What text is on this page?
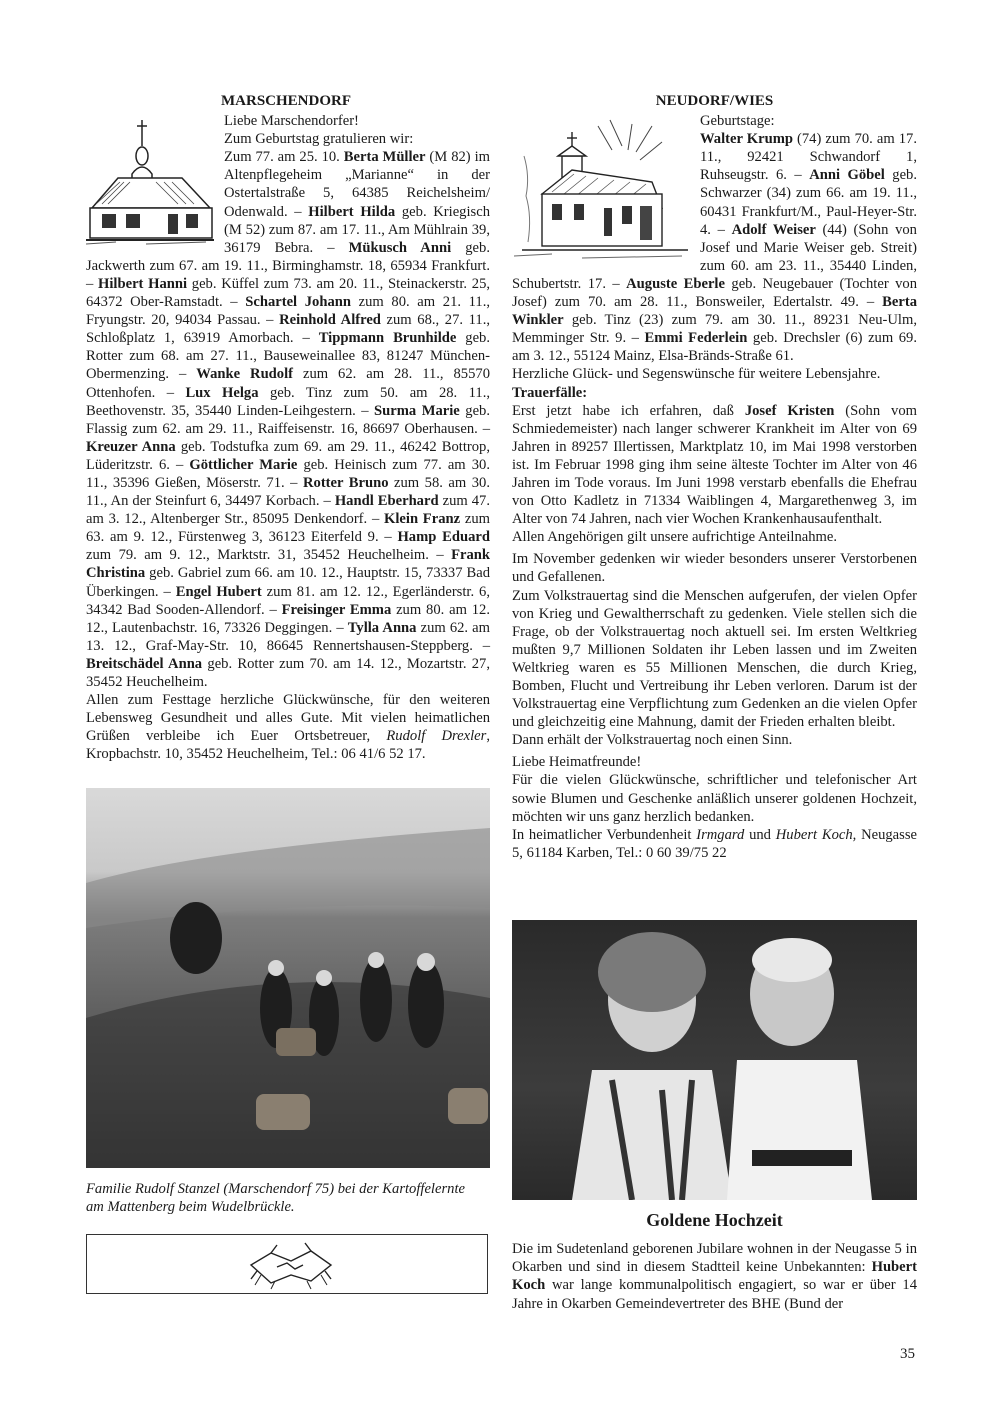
MARSCHENDORF

Liebe Marschendorfer!

Zum Geburtstag gratulieren wir:

Zum 77. am 25. 10. Berta Müller (M 82) im Altenpflegeheim „Marianne“ in der Ostertalstraße 5, 64385 Reichelsheim/ Odenwald. – Hilbert Hilda geb. Kriegisch (M 52) zum 87. am 17. 11., Am Mühlrain 39, 36179 Bebra. – Mükusch Anni geb. Jackwerth zum 67. am 19. 11., Birminghamstr. 18, 65934 Frankfurt. – Hilbert Hanni geb. Küffel zum 73. am 20. 11., Steinackerstr. 25, 64372 Ober-Ramstadt. – Schartel Johann zum 80. am 21. 11., Fryungstr. 20, 94034 Passau. – Reinhold Alfred zum 68., 27. 11., Schloßplatz 1, 63919 Amorbach. – Tippmann Brunhilde geb. Rotter zum 68. am 27. 11., Bauseweinallee 83, 81247 München-Obermenzing. – Wanke Rudolf zum 62. am 28. 11., 85570 Ottenhofen. – Lux Helga geb. Tinz zum 50. am 28. 11., Beethovenstr. 35, 35440 Linden-Leihgestern. – Surma Marie geb. Flassig zum 62. am 29. 11., Raiffeisenstr. 16, 86697 Oberhausen. – Kreuzer Anna geb. Todstufka zum 69. am 29. 11., 46242 Bottrop, Lüderitzstr. 6. – Göttlicher Marie geb. Heinisch zum 77. am 30. 11., 35396 Gießen, Möserstr. 71. – Rotter Bruno zum 58. am 30. 11., An der Steinfurt 6, 34497 Korbach. – Handl Eberhard zum 47. am 3. 12., Altenberger Str., 85095 Denkendorf. – Klein Franz zum 63. am 9. 12., Fürstenweg 3, 36123 Eiterfeld 9. – Hamp Eduard zum 79. am 9. 12., Marktstr. 31, 35452 Heuchelheim. – Frank Christina geb. Gabriel zum 66. am 10. 12., Hauptstr. 15, 73337 Bad Überkingen. – Engel Hubert zum 81. am 12. 12., Egerländerstr. 6, 34342 Bad Sooden-Allendorf. – Freisinger Emma zum 80. am 12. 12., Lautenbachstr. 16, 73326 Deggingen. – Tylla Anna zum 62. am 13. 12., Graf-May-Str. 10, 86645 Rennertshausen-Steppberg. – Breitschädel Anna geb. Rotter zum 70. am 14. 12., Mozartstr. 27, 35452 Heuchelheim.

Allen zum Festtage herzliche Glückwünsche, für den weiteren Lebensweg Gesundheit und alles Gute. Mit vielen heimatlichen Grüßen verbleibe ich Euer Ortsbetreuer, Rudolf Drexler, Kropbachstr. 10, 35452 Heuchelheim, Tel.: 06 41/6 52 17.

Familie Rudolf Stanzel (Marschendorf 75) bei der Kartoffelernte am Mattenberg beim Wudelbrückle.
NEUDORF/WIES

Geburtstage:

Walter Krump (74) zum 70. am 17. 11., 92421 Schwandorf 1, Ruhseugstr. 6. – Anni Göbel geb. Schwarzer (34) zum 66. am 19. 11., 60431 Frankfurt/M., Paul-Heyer-Str. 4. – Adolf Weiser (44) (Sohn von Josef und Marie Weiser geb. Streit) zum 60. am 23. 11., 35440 Linden, Schubertstr. 17. – Auguste Eberle geb. Neugebauer (Tochter von Josef) zum 70. am 28. 11., Bonsweiler, Edertalstr. 49. – Berta Winkler geb. Tinz (23) zum 79. am 30. 11., 89231 Neu-Ulm, Memminger Str. 9. – Emmi Federlein geb. Drechsler (6) zum 69. am 3. 12., 55124 Mainz, Elsa-Bränds-Straße 61.

Herzliche Glück- und Segenswünsche für weitere Lebensjahre.

Trauerfälle:

Erst jetzt habe ich erfahren, daß Josef Kristen (Sohn vom Schmiedemeister) nach langer schwerer Krankheit im Alter von 69 Jahren in 89257 Illertissen, Marktplatz 10, im Mai 1998 verstorben ist. Im Februar 1998 ging ihm seine älteste Tochter im Alter von 46 Jahren im Tode voraus. Im Juni 1998 verstarb ebenfalls die Ehefrau von Otto Kadletz in 71334 Waiblingen 4, Margarethenweg 3, im Alter von 74 Jahren, nach vier Wochen Krankenhausaufenthalt.

Allen Angehörigen gilt unsere aufrichtige Anteilnahme.

Im November gedenken wir wieder besonders unserer Verstorbenen und Gefallenen.

Zum Volkstrauertag sind die Menschen aufgerufen, der vielen Opfer von Krieg und Gewaltherrschaft zu gedenken. Viele stellen sich die Frage, ob der Volkstrauertag noch aktuell sei. Im ersten Weltkrieg mußten 9,7 Millionen Soldaten ihr Leben lassen und im Zweiten Weltkrieg waren es 55 Millionen Menschen, die durch Krieg, Bomben, Flucht und Vertreibung ihr Leben verloren. Darum ist der Volkstrauertag eine Verpflichtung zum Gedenken an die vielen Opfer und gleichzeitig eine Mahnung, damit der Frieden erhalten bleibt.

Dann erhält der Volkstrauertag noch einen Sinn.

Liebe Heimatfreunde!

Für die vielen Glückwünsche, schriftlicher und telefonischer Art sowie Blumen und Geschenke anläßlich unserer goldenen Hochzeit, möchten wir uns ganz herzlich bedanken.

In heimatlicher Verbundenheit Irmgard und Hubert Koch, Neugasse 5, 61184 Karben, Tel.: 0 60 39/75 22

Goldene Hochzeit
Die im Sudetenland geborenen Jubilare wohnen in der Neugasse 5 in Okarben und sind in diesem Stadtteil keine Unbekannten: Hubert Koch war lange kommunalpolitisch engagiert, so war er über 14 Jahre in Okarben Gemeindevertreter des BHE (Bund der
35
